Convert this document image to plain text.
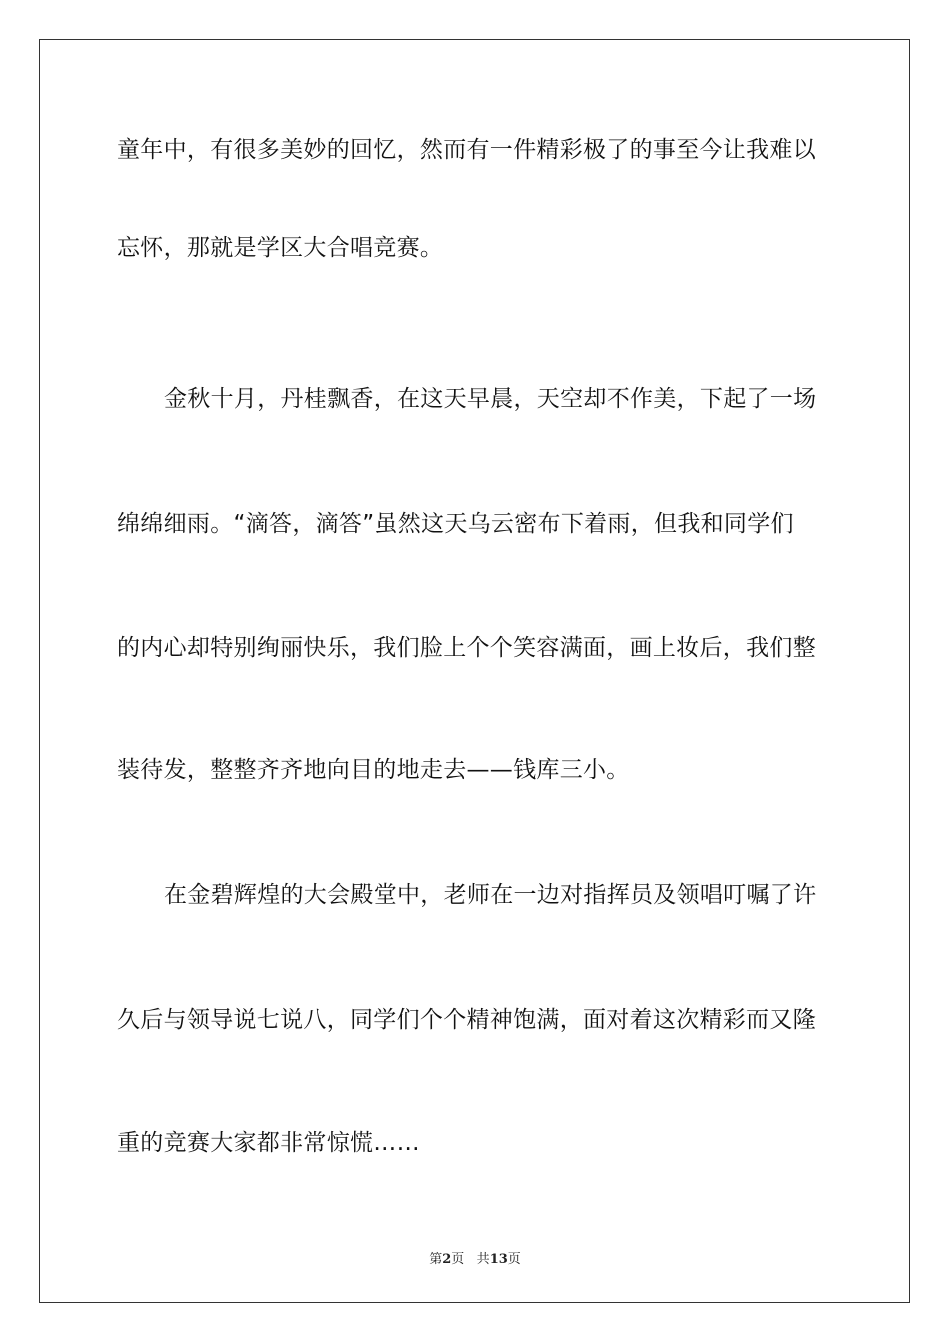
童年中，有很多美妙的回忆，然而有一件精彩极了的事至今让我难以
忘怀，那就是学区大合唱竞赛。
金秋十月，丹桂飘香，在这天早晨，天空却不作美，下起了一场
绵绵细雨。“滴答，滴答”虽然这天乌云密布下着雨，但我和同学们
的内心却特别绚丽快乐，我们脸上个个笑容满面，画上妆后，我们整
装待发，整整齐齐地向目的地走去——钱库三小。
在金碧辉煌的大会殿堂中，老师在一边对指挥员及领唱叮嘱了许
久后与领导说七说八，同学们个个精神饱满，面对着这次精彩而又隆
重的竞赛大家都非常惊慌……
第2页 共13页
